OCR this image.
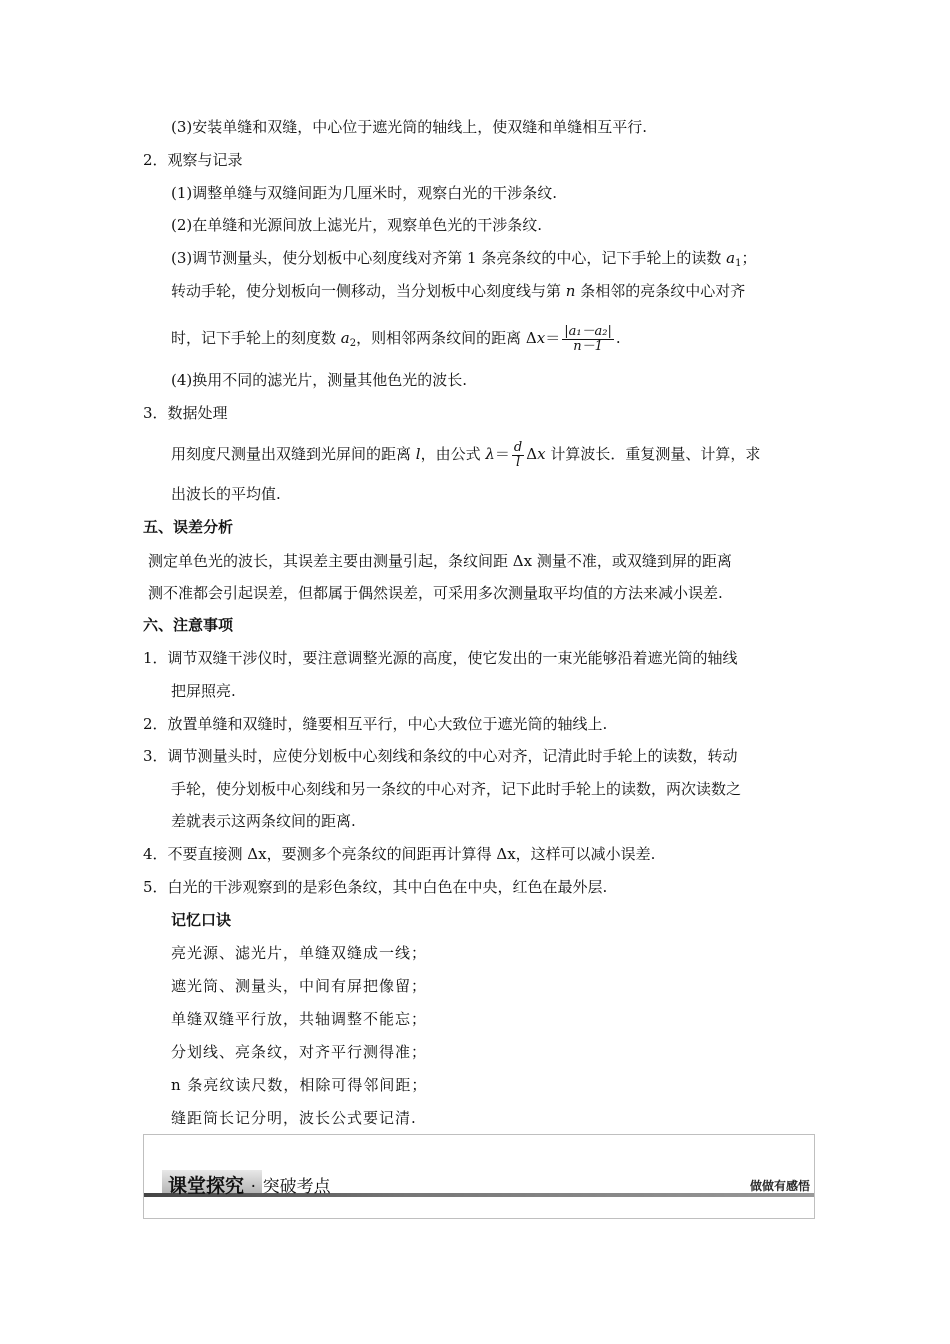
(3)安装单缝和双缝，中心位于遮光筒的轴线上，使双缝和单缝相互平行.
2．观察与记录
(1)调整单缝与双缝间距为几厘米时，观察白光的干涉条纹.
(2)在单缝和光源间放上滤光片，观察单色光的干涉条纹.
(3)调节测量头，使分划板中心刻度线对齐第 1 条亮条纹的中心，记下手轮上的读数 $a_1$；
转动手轮，使分划板向一侧移动，当分划板中心刻度线与第 n 条相邻的亮条纹中心对齐
时，记下手轮上的刻度数 $a_2$，则相邻两条纹间的距离 $\Delta x= \frac{\text{|a₁－a₂|}}{n-1}$ .
(4)换用不同的滤光片，测量其他色光的波长.
3．数据处理
用刻度尺测量出双缝到光屏间的距离 l，由公式 $\lambda= \frac{d}{l}$ Δx 计算波长．重复测量、计算，求
出波长的平均值.
五、误差分析
测定单色光的波长，其误差主要由测量引起，条纹间距 Δx 测量不准，或双缝到屏的距离
测不准都会引起误差，但都属于偶然误差，可采用多次测量取平均值的方法来减小误差.
六、注意事项
1．调节双缝干涉仪时，要注意调整光源的高度，使它发出的一束光能够沿着遮光筒的轴线
把屏照亮.
2．放置单缝和双缝时，缝要相互平行，中心大致位于遮光筒的轴线上.
3．调节测量头时，应使分划板中心刻线和条纹的中心对齐，记清此时手轮上的读数，转动
手轮，使分划板中心刻线和另一条纹的中心对齐，记下此时手轮上的读数，两次读数之
差就表示这两条纹间的距离.
4．不要直接测 Δx，要测多个亮条纹的间距再计算得 Δx，这样可以减小误差.
5．白光的干涉观察到的是彩色条纹，其中白色在中央，红色在最外层.
记忆口诀
亮光源、滤光片，单缝双缝成一线；
遮光筒、测量头，中间有屏把像留；
单缝双缝平行放，共轴调整不能忘；
分划线、亮条纹，对齐平行测得准；
n 条亮纹读尺数，相除可得邻间距；
缝距筒长记分明，波长公式要记清.
课堂探究 · 突破考点	做做有感悟
